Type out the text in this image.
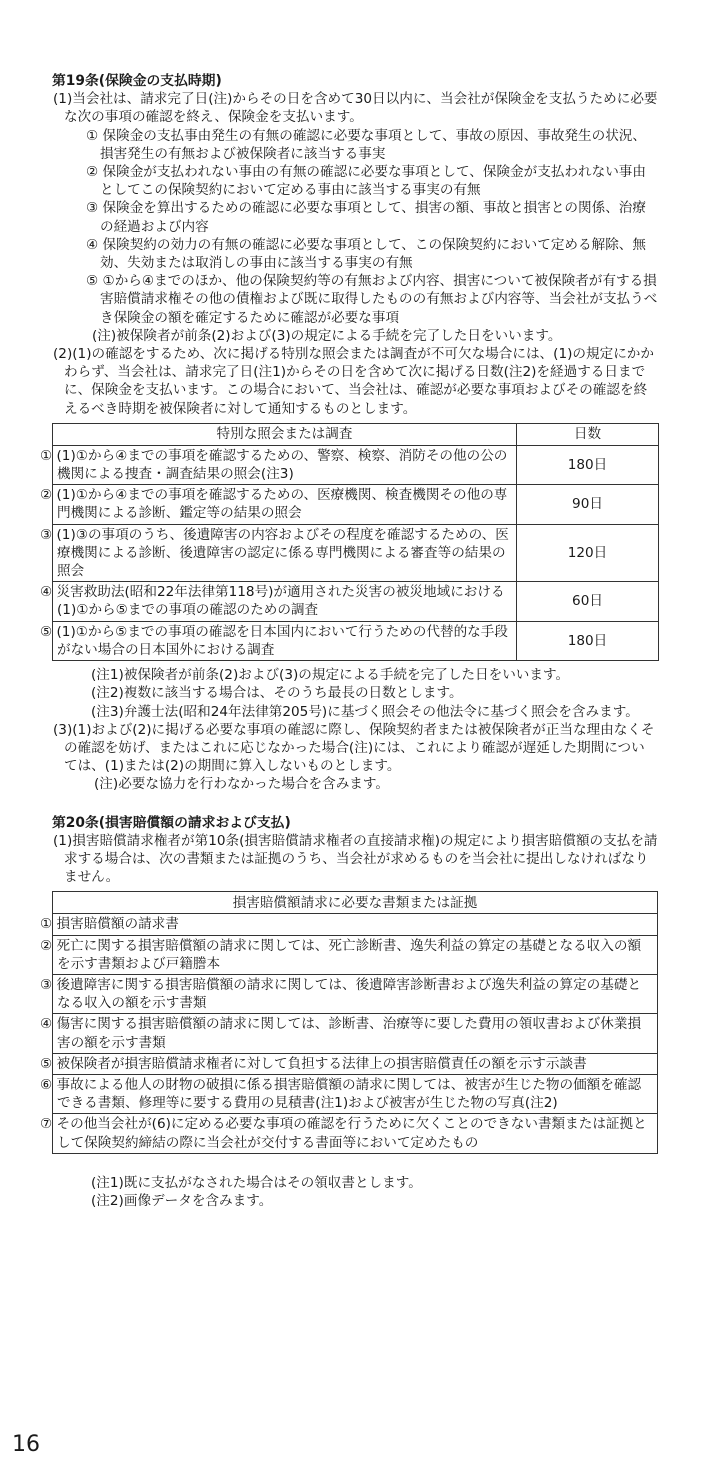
第19条(保険金の支払時期)

(1)当会社は、請求完了日(注)からその日を含めて30日以内に、当会社が保険金を支払うために必要な次の事項の確認を終え、保険金を支払います。

① 保険金の支払事由発生の有無の確認に必要な事項として、事故の原因、事故発生の状況、損害発生の有無および被保険者に該当する事実

② 保険金が支払われない事由の有無の確認に必要な事項として、保険金が支払われない事由としてこの保険契約において定める事由に該当する事実の有無

③ 保険金を算出するための確認に必要な事項として、損害の額、事故と損害との関係、治療の経過および内容

④ 保険契約の効力の有無の確認に必要な事項として、この保険契約において定める解除、無効、失効または取消しの事由に該当する事実の有無

⑤ ①から④までのほか、他の保険契約等の有無および内容、損害について被保険者が有する損害賠償請求権その他の債権および既に取得したものの有無および内容等、当会社が支払うべき保険金の額を確定するために確認が必要な事項

(注)被保険者が前条(2)および(3)の規定による手続を完了した日をいいます。

(2)(1)の確認をするため、次に掲げる特別な照会または調査が不可欠な場合には、(1)の規定にかかわらず、当会社は、請求完了日(注1)からその日を含めて次に掲げる日数(注2)を経過する日までに、保険金を支払います。この場合において、当会社は、確認が必要な事項およびその確認を終えるべき時期を被保険者に対して通知するものとします。

特別な照会または調査	日数
① (1)①から④までの事項を確認するための、警察、検察、消防その他の公の機関による捜査・調査結果の照会(注3)	180日
② (1)①から④までの事項を確認するための、医療機関、検査機関その他の専門機関による診断、鑑定等の結果の照会	90日
③ (1)③の事項のうち、後遺障害の内容およびその程度を確認するための、医療機関による診断、後遺障害の認定に係る専門機関による審査等の結果の照会	120日
④ 災害救助法(昭和22年法律第118号)が適用された災害の被災地域における(1)①から⑤までの事項の確認のための調査	60日
⑤ (1)①から⑤までの事項の確認を日本国内において行うための代替的な手段がない場合の日本国外における調査	180日

(注1)被保険者が前条(2)および(3)の規定による手続を完了した日をいいます。

(注2)複数に該当する場合は、そのうち最長の日数とします。

(注3)弁護士法(昭和24年法律第205号)に基づく照会その他法令に基づく照会を含みます。

(3)(1)および(2)に掲げる必要な事項の確認に際し、保険契約者または被保険者が正当な理由なくその確認を妨げ、またはこれに応じなかった場合(注)には、これにより確認が遅延した期間については、(1)または(2)の期間に算入しないものとします。

(注)必要な協力を行わなかった場合を含みます。

第20条(損害賠償額の請求および支払)

(1)損害賠償請求権者が第10条(損害賠償請求権者の直接請求権)の規定により損害賠償額の支払を請求する場合は、次の書類または証拠のうち、当会社が求めるものを当会社に提出しなければなりません。

損害賠償額請求に必要な書類または証拠
① 損害賠償額の請求書
② 死亡に関する損害賠償額の請求に関しては、死亡診断書、逸失利益の算定の基礎となる収入の額を示す書類および戸籍謄本
③ 後遺障害に関する損害賠償額の請求に関しては、後遺障害診断書および逸失利益の算定の基礎となる収入の額を示す書類
④ 傷害に関する損害賠償額の請求に関しては、診断書、治療等に要した費用の領収書および休業損害の額を示す書類
⑤ 被保険者が損害賠償請求権者に対して負担する法律上の損害賠償責任の額を示す示談書
⑥ 事故による他人の財物の破損に係る損害賠償額の請求に関しては、被害が生じた物の価額を確認できる書類、修理等に要する費用の見積書(注1)および被害が生じた物の写真(注2)
⑦ その他当会社が(6)に定める必要な事項の確認を行うために欠くことのできない書類または証拠として保険契約締結の際に当会社が交付する書面等において定めたもの

(注1)既に支払がなされた場合はその領収書とします。

(注2)画像データを含みます。

16
